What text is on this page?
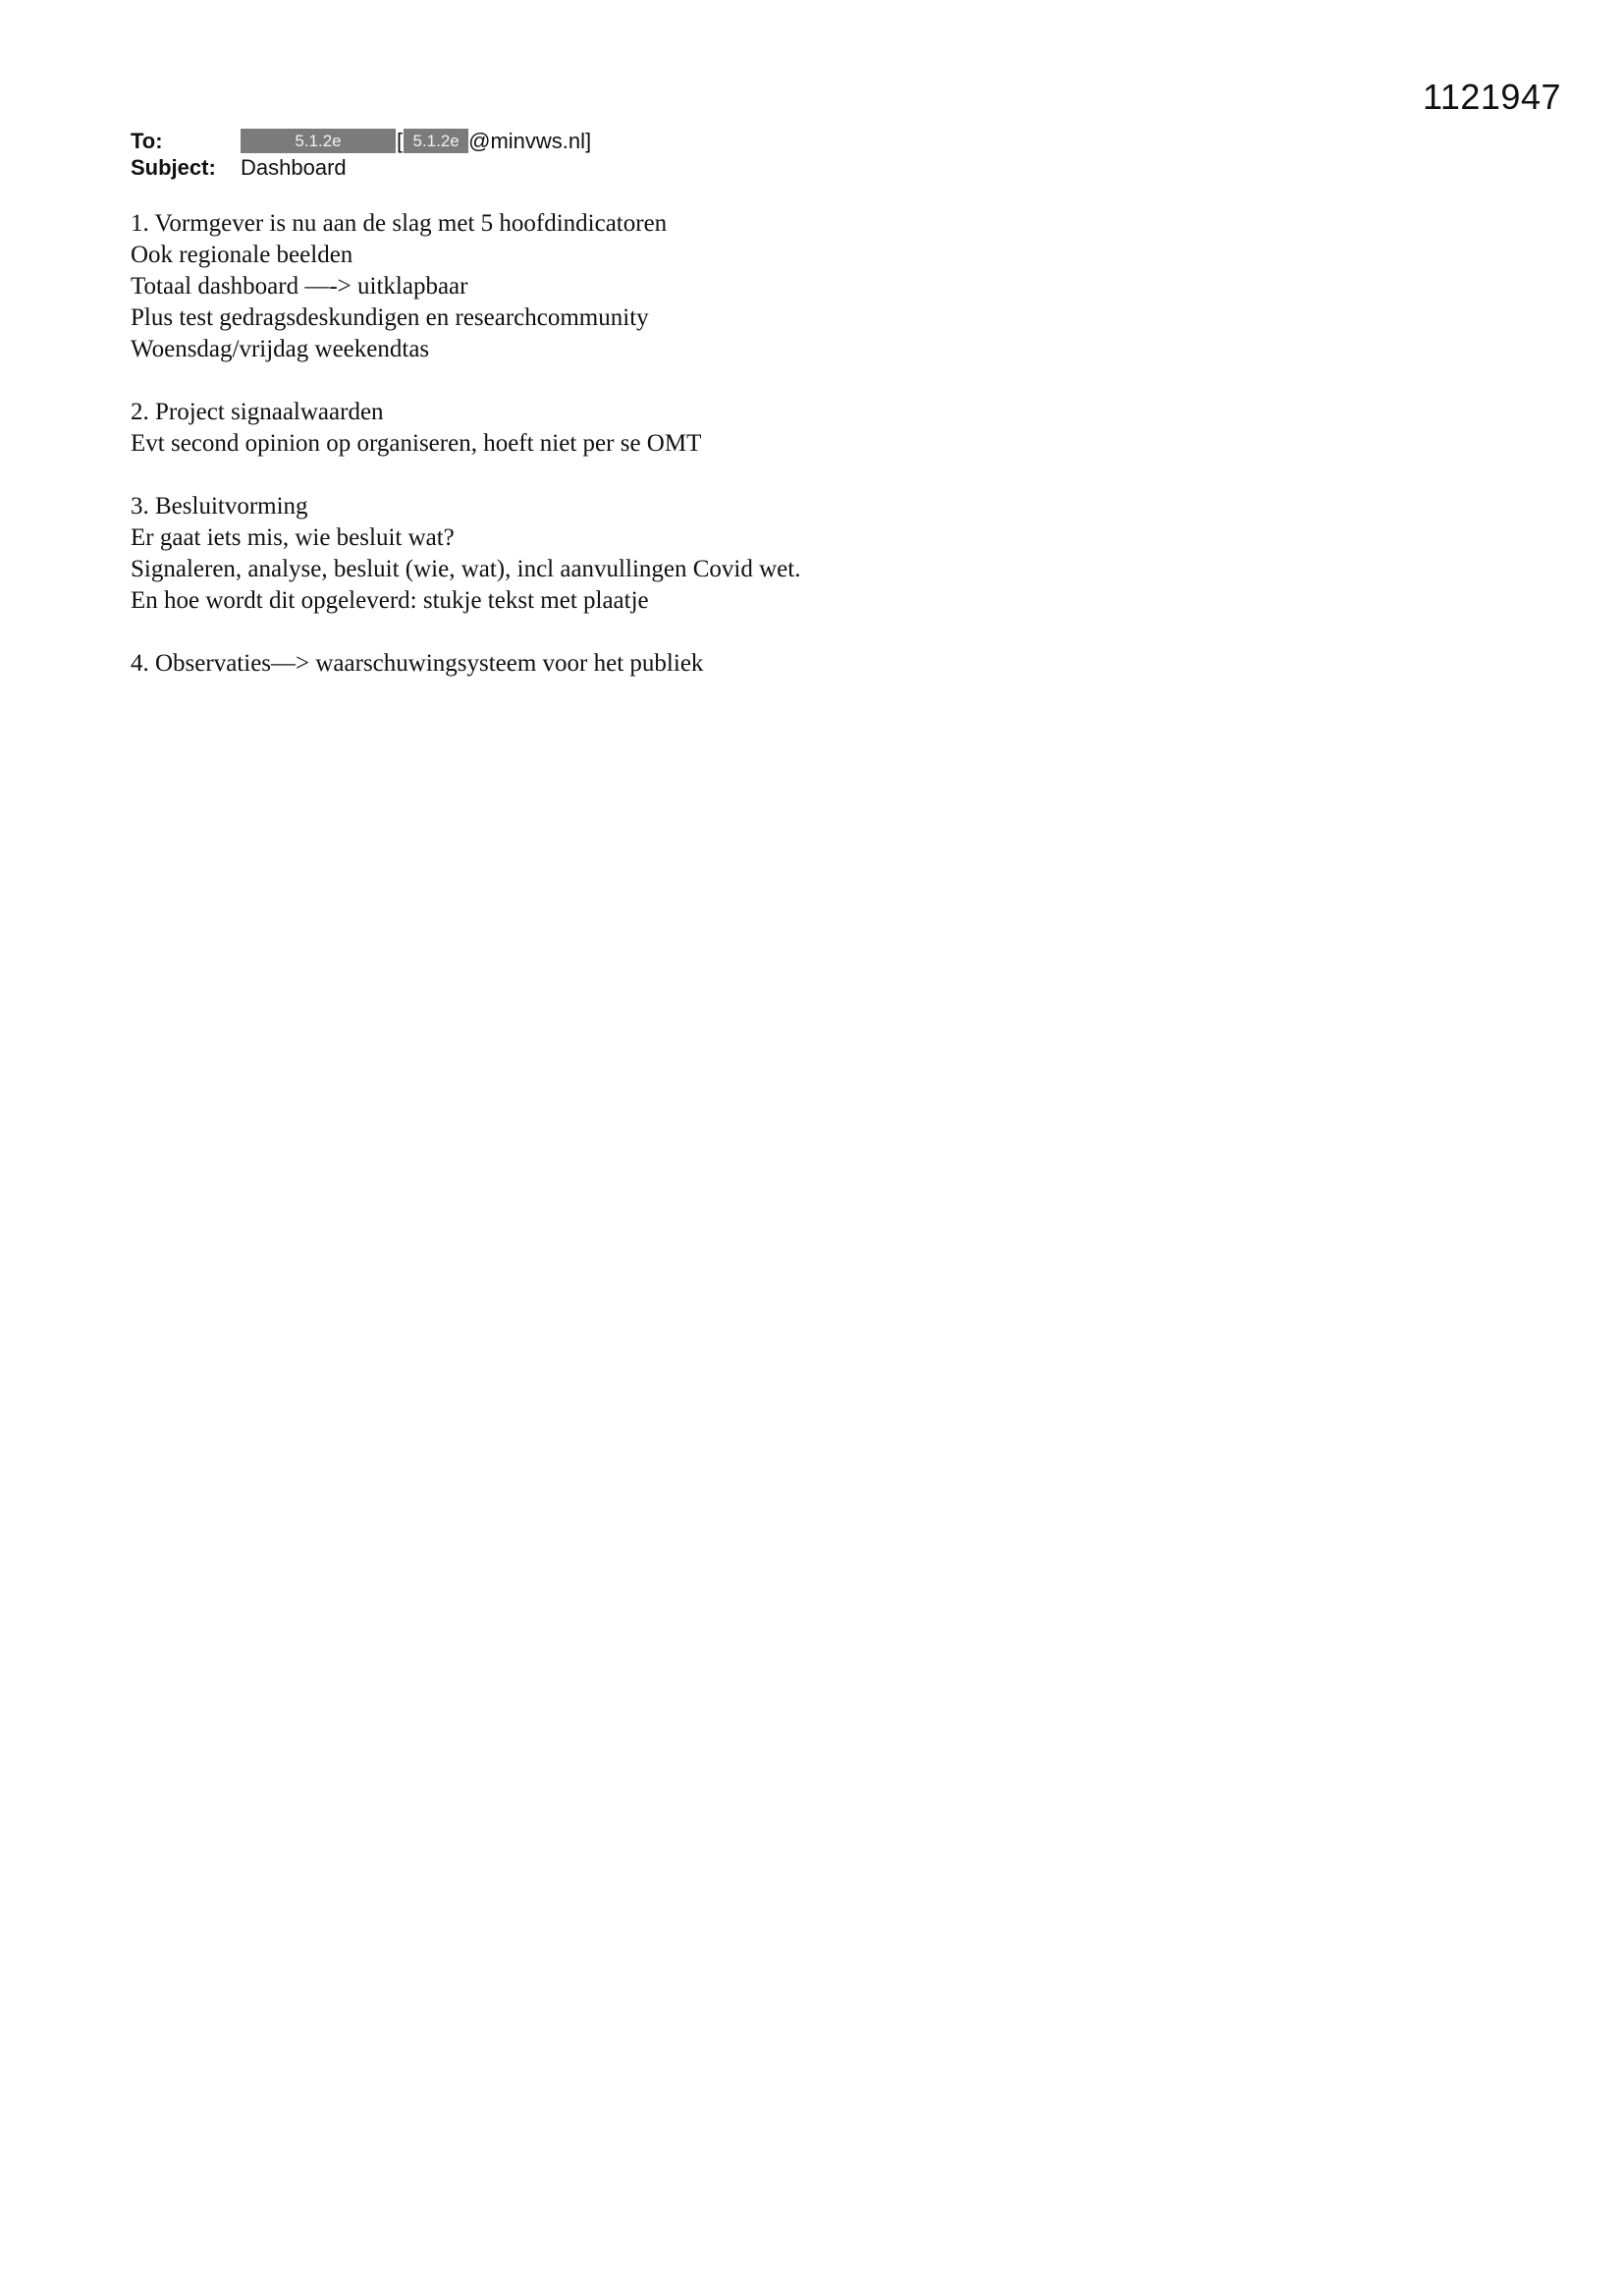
1121947
To:	5.1.2e	[ 5.1.2e @minvws.nl]
Subject:	Dashboard
1. Vormgever is nu aan de slag met 5 hoofdindicatoren
Ook regionale beelden
Totaal dashboard —-> uitklapbaar
Plus test gedragsdeskundigen en researchcommunity
Woensdag/vrijdag weekendtas
2. Project signaalwaarden
Evt second opinion op organiseren, hoeft niet per se OMT
3. Besluitvorming
Er gaat iets mis, wie besluit wat?
Signaleren, analyse, besluit (wie, wat), incl aanvullingen Covid wet.
En hoe wordt dit opgeleverd: stukje tekst met plaatje
4. Observaties—> waarschuwingsysteem voor het publiek
